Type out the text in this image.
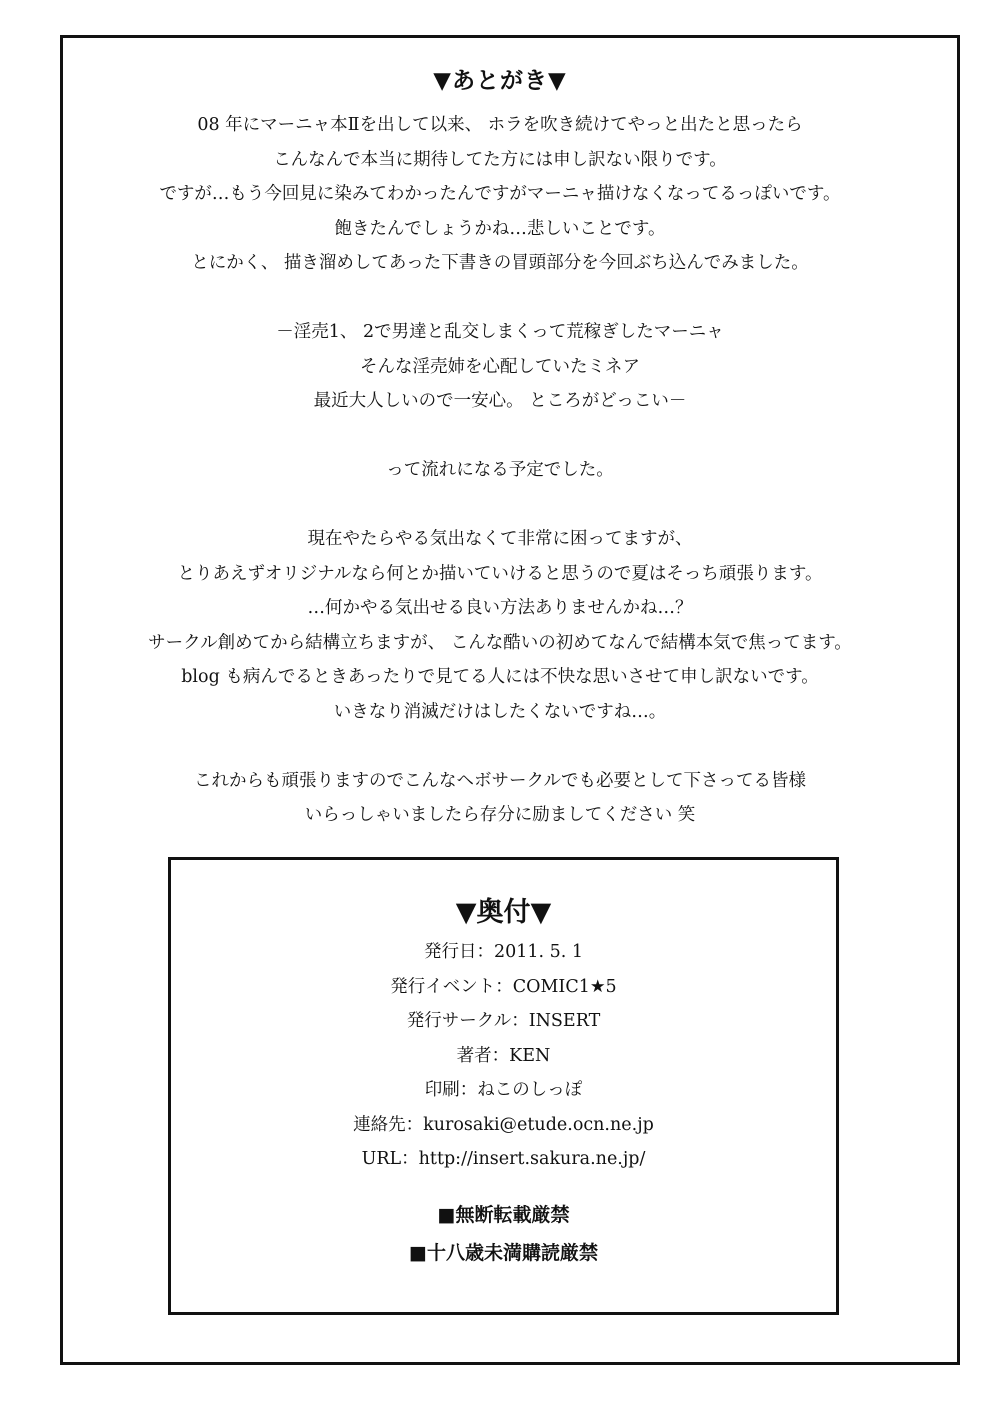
▼あとがき▼
08 年にマーニャ本Ⅱを出して以来、 ホラを吹き続けてやっと出たと思ったら
こんなんで本当に期待してた方には申し訳ない限りです。
ですが…もう今回見に染みてわかったんですがマーニャ描けなくなってるっぽいです。
飽きたんでしょうかね…悲しいことです。
とにかく、 描き溜めしてあった下書きの冒頭部分を今回ぶち込んでみました。
－淫売1、 2で男達と乱交しまくって荒稼ぎしたマーニャ
そんな淫売姉を心配していたミネア
最近大人しいので一安心。 ところがどっこい－
って流れになる予定でした。
現在やたらやる気出なくて非常に困ってますが、
とりあえずオリジナルなら何とか描いていけると思うので夏はそっち頑張ります。
…何かやる気出せる良い方法ありませんかね…？
サークル創めてから結構立ちますが、 こんな酷いの初めてなんで結構本気で焦ってます。
blog も病んでるときあったりで見てる人には不快な思いさせて申し訳ないです。
いきなり消滅だけはしたくないですね…。
これからも頑張りますのでこんなヘボサークルでも必要として下さってる皆様
いらっしゃいましたら存分に励ましてください 笑
▼奥付▼
発行日：2011. 5. 1
発行イベント：COMIC1★5
発行サークル：INSERT
著者：KEN
印刷：ねこのしっぽ
連絡先：kurosaki@etude.ocn.ne.jp
URL：http://insert.sakura.ne.jp/
■無断転載厳禁
■十八歳未満購読厳禁
